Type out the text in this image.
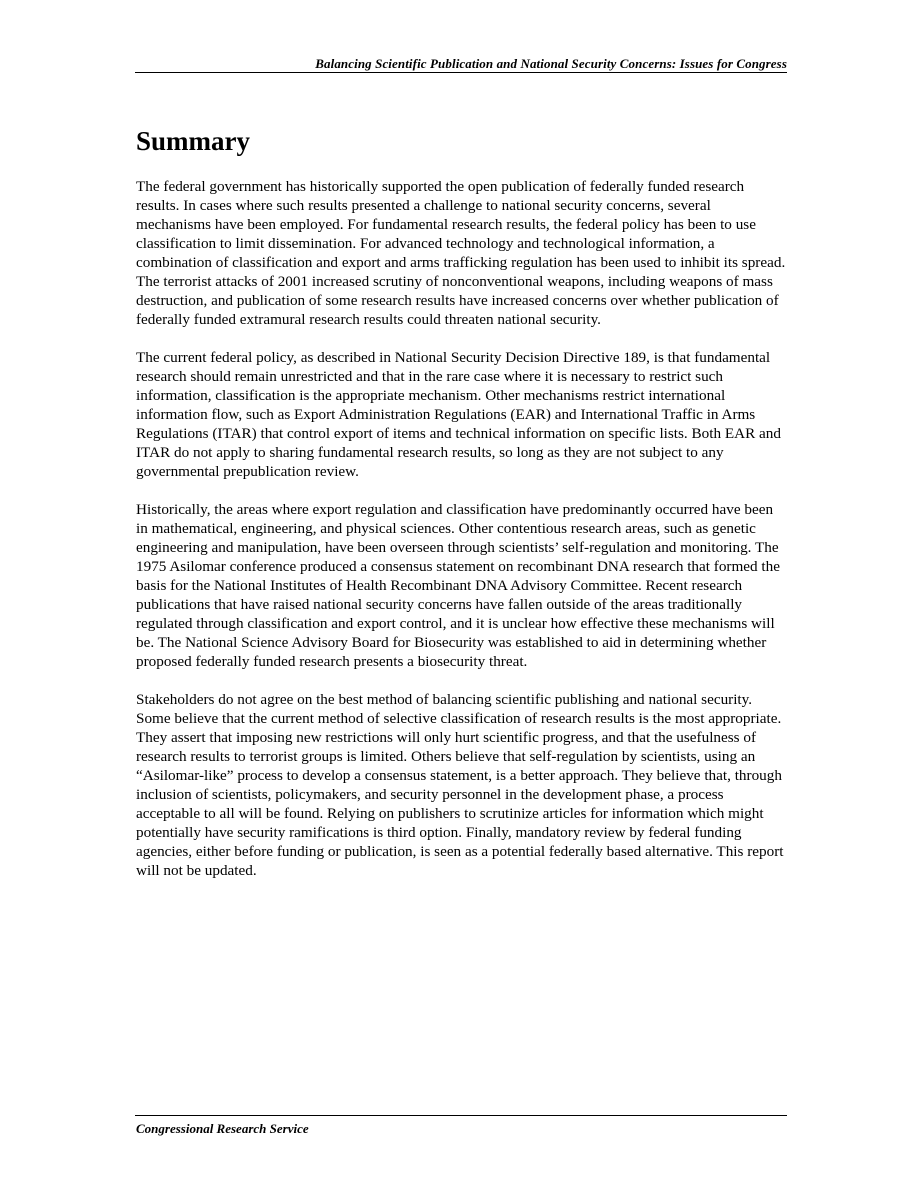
Balancing Scientific Publication and National Security Concerns: Issues for Congress
Summary

The federal government has historically supported the open publication of federally funded research results. In cases where such results presented a challenge to national security concerns, several mechanisms have been employed. For fundamental research results, the federal policy has been to use classification to limit dissemination. For advanced technology and technological information, a combination of classification and export and arms trafficking regulation has been used to inhibit its spread. The terrorist attacks of 2001 increased scrutiny of nonconventional weapons, including weapons of mass destruction, and publication of some research results have increased concerns over whether publication of federally funded extramural research results could threaten national security.

The current federal policy, as described in National Security Decision Directive 189, is that fundamental research should remain unrestricted and that in the rare case where it is necessary to restrict such information, classification is the appropriate mechanism. Other mechanisms restrict international information flow, such as Export Administration Regulations (EAR) and International Traffic in Arms Regulations (ITAR) that control export of items and technical information on specific lists. Both EAR and ITAR do not apply to sharing fundamental research results, so long as they are not subject to any governmental prepublication review.

Historically, the areas where export regulation and classification have predominantly occurred have been in mathematical, engineering, and physical sciences. Other contentious research areas, such as genetic engineering and manipulation, have been overseen through scientists’ self-regulation and monitoring. The 1975 Asilomar conference produced a consensus statement on recombinant DNA research that formed the basis for the National Institutes of Health Recombinant DNA Advisory Committee. Recent research publications that have raised national security concerns have fallen outside of the areas traditionally regulated through classification and export control, and it is unclear how effective these mechanisms will be. The National Science Advisory Board for Biosecurity was established to aid in determining whether proposed federally funded research presents a biosecurity threat.

Stakeholders do not agree on the best method of balancing scientific publishing and national security. Some believe that the current method of selective classification of research results is the most appropriate. They assert that imposing new restrictions will only hurt scientific progress, and that the usefulness of research results to terrorist groups is limited. Others believe that self-regulation by scientists, using an “Asilomar-like” process to develop a consensus statement, is a better approach. They believe that, through inclusion of scientists, policymakers, and security personnel in the development phase, a process acceptable to all will be found. Relying on publishers to scrutinize articles for information which might potentially have security ramifications is third option. Finally, mandatory review by federal funding agencies, either before funding or publication, is seen as a potential federally based alternative. This report will not be updated.

Congressional Research Service
